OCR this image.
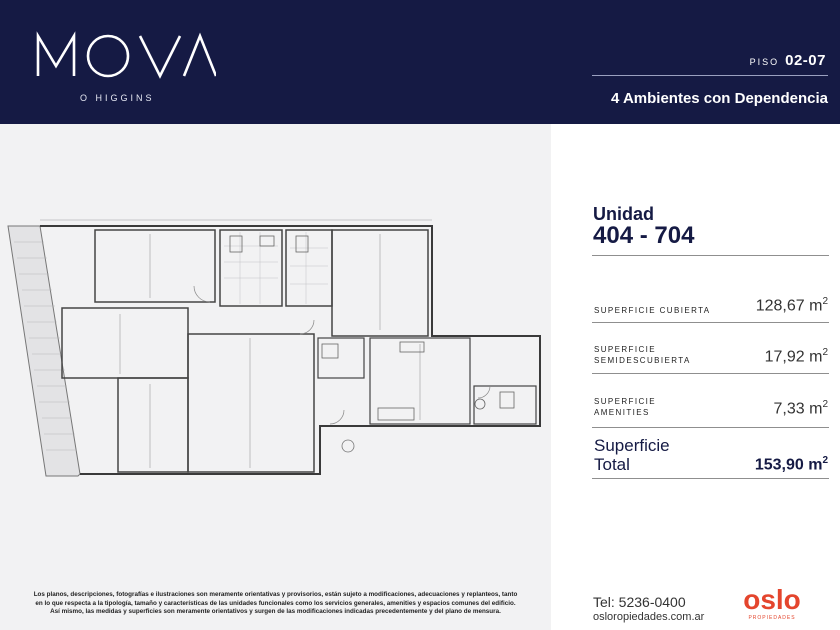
O HIGGINS
PISO 02-07
4 Ambientes con Dependencia
Los planos, descripciones, fotografías e ilustraciones son meramente orientativas y provisorios, están sujeto a modificaciones, adecuaciones y replanteos, tanto
en lo que respecta a la tipología, tamaño y características de las unidades funcionales como los servicios generales, amenities y espacios comunes del edificio.
Así mismo, las medidas y superficies son meramente orientativos y surgen de las modificaciones indicadas precedentemente y del plano de mensura.
Unidad
404 - 704
SUPERFICIE CUBIERTA	128,67 $m^2$
SUPERFICIE
SEMIDESCUBIERTA	17,92 $m^2$
SUPERFICIE
AMENITIES	7,33 $m^2$
Superficie
Total	153,90 $m^2$
Tel: 5236-0400
osloropiedades.com.ar
oslo
PROPIEDADES
